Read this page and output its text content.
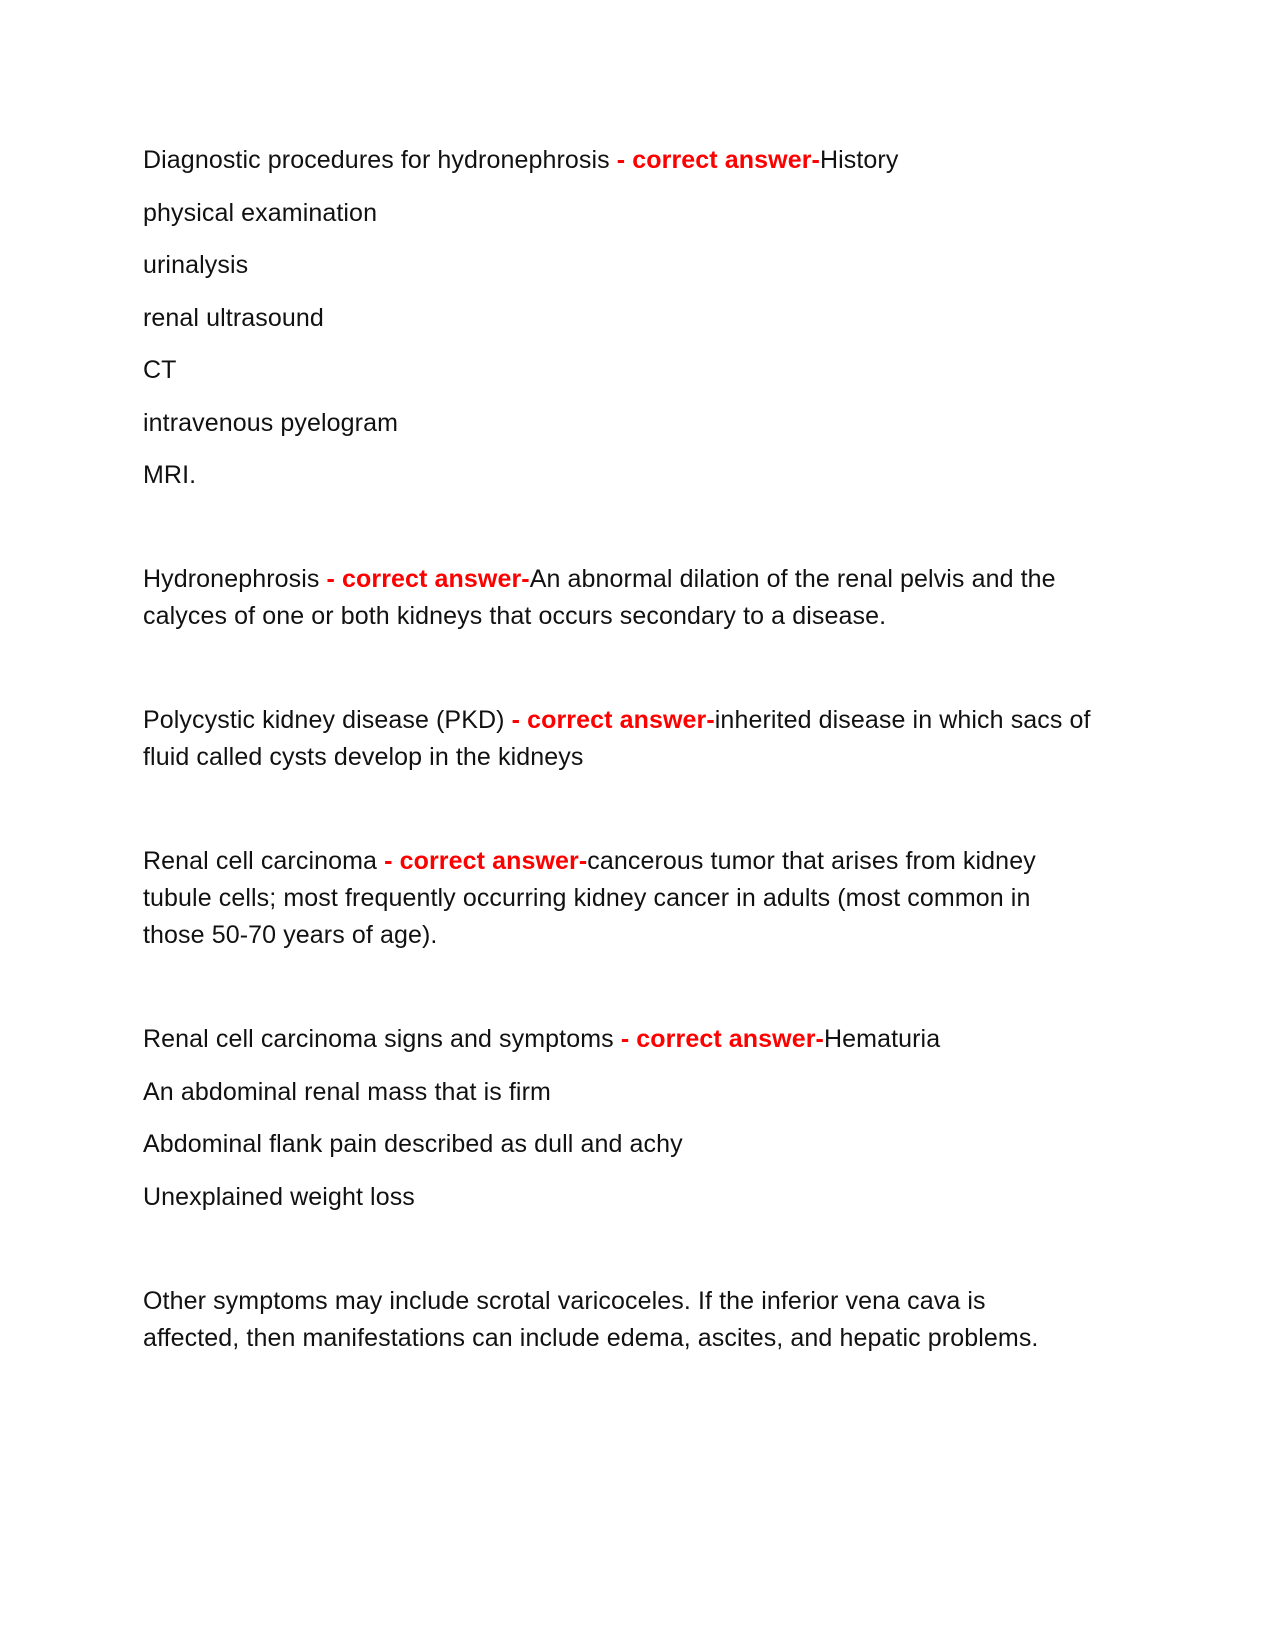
Diagnostic procedures for hydronephrosis - correct answer-History

physical examination

urinalysis

renal ultrasound

CT

intravenous pyelogram

MRI.

Hydronephrosis - correct answer-An abnormal dilation of the renal pelvis and the

calyces of one or both kidneys that occurs secondary to a disease.

Polycystic kidney disease (PKD) - correct answer-inherited disease in which sacs of

fluid called cysts develop in the kidneys

Renal cell carcinoma - correct answer-cancerous tumor that arises from kidney

tubule cells; most frequently occurring kidney cancer in adults (most common in

those 50-70 years of age).

Renal cell carcinoma signs and symptoms - correct answer-Hematuria

An abdominal renal mass that is firm

Abdominal flank pain described as dull and achy

Unexplained weight loss

Other symptoms may include scrotal varicoceles. If the inferior vena cava is

affected, then manifestations can include edema, ascites, and hepatic problems.
